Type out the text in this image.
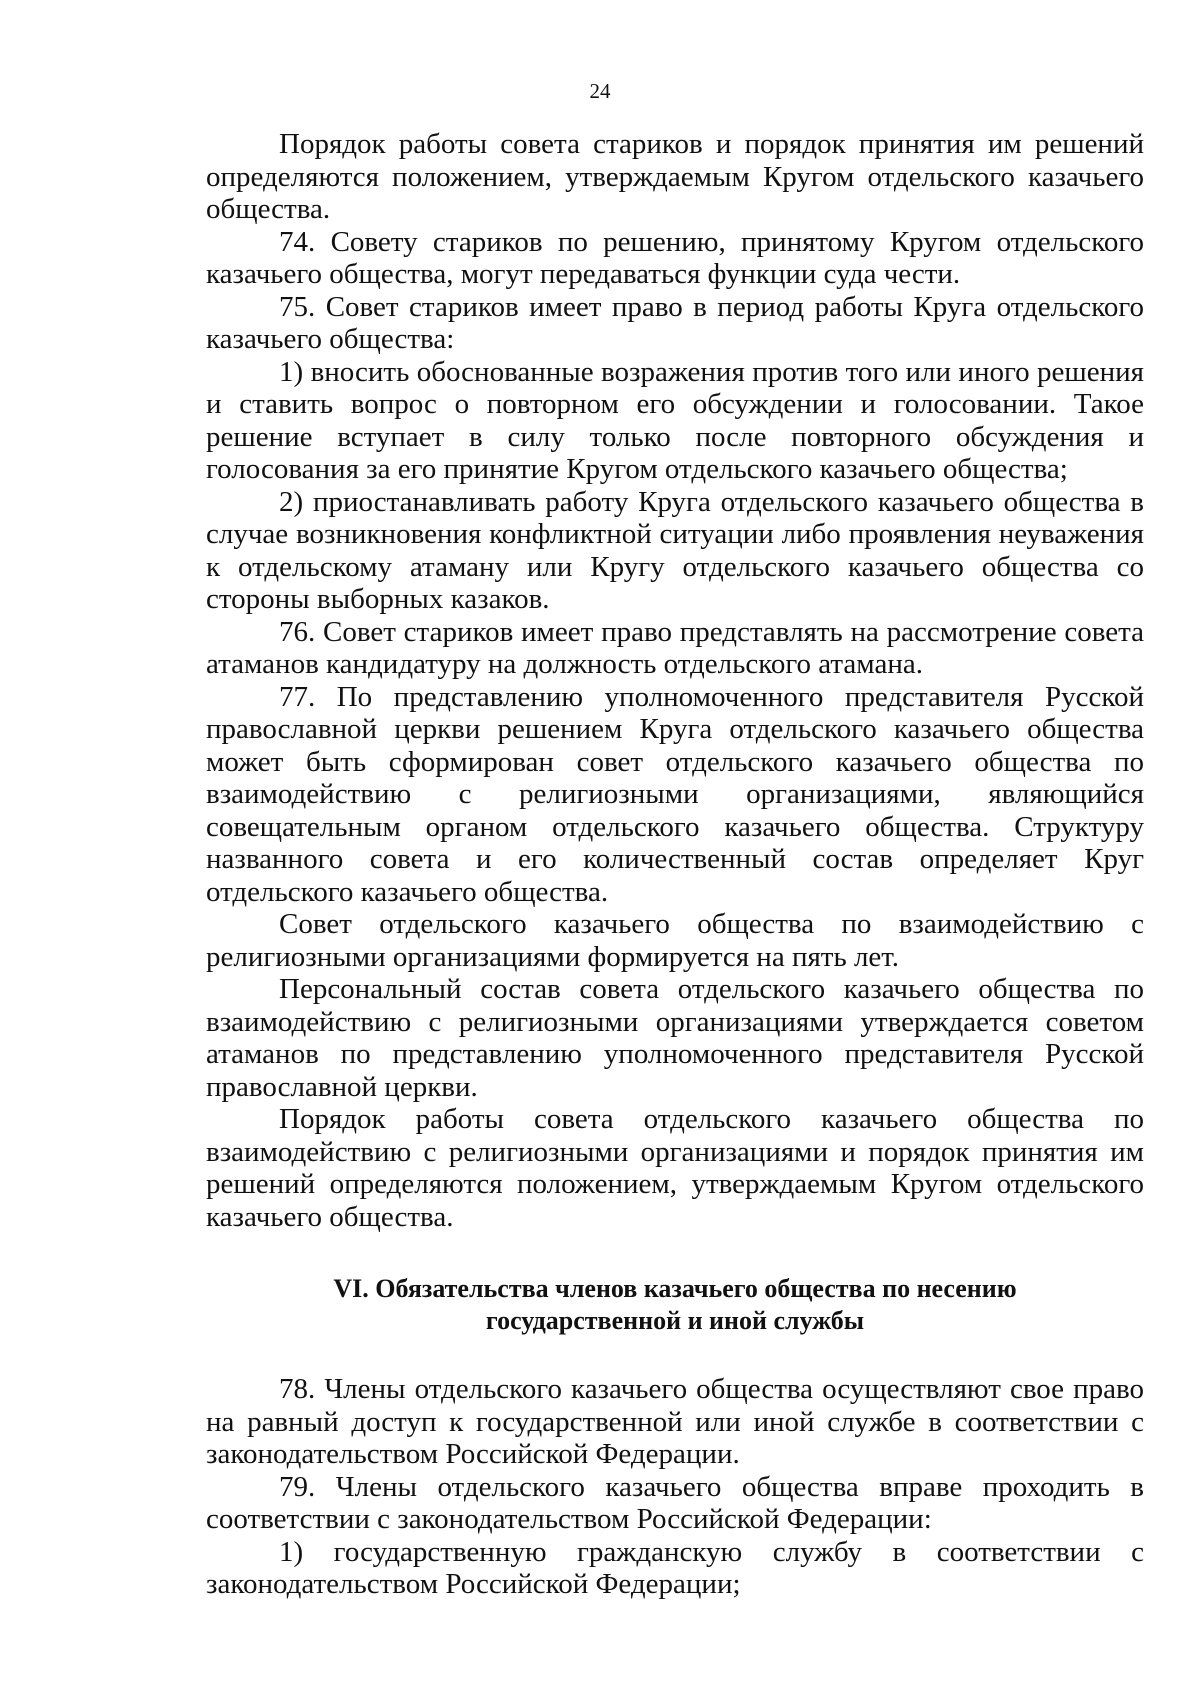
24

Порядок работы совета стариков и порядок принятия им решений определяются положением, утверждаемым Кругом отдельского казачьего общества.

74. Совету стариков по решению, принятому Кругом отдельского казачьего общества, могут передаваться функции суда чести.

75. Совет стариков имеет право в период работы Круга отдельского казачьего общества:

1) вносить обоснованные возражения против того или иного решения и ставить вопрос о повторном его обсуждении и голосовании. Такое решение вступает в силу только после повторного обсуждения и голосования за его принятие Кругом отдельского казачьего общества;

2) приостанавливать работу Круга отдельского казачьего общества в случае возникновения конфликтной ситуации либо проявления неуважения к отдельскому атаману или Кругу отдельского казачьего общества со стороны выборных казаков.

76. Совет стариков имеет право представлять на рассмотрение совета атаманов кандидатуру на должность отдельского атамана.

77. По представлению уполномоченного представителя Русской православной церкви решением Круга отдельского казачьего общества может быть сформирован совет отдельского казачьего общества по взаимодействию с религиозными организациями, являющийся совещательным органом отдельского казачьего общества. Структуру названного совета и его количественный состав определяет Круг отдельского казачьего общества.

Совет отдельского казачьего общества по взаимодействию с религиозными организациями формируется на пять лет.

Персональный состав совета отдельского казачьего общества по взаимодействию с религиозными организациями утверждается советом атаманов по представлению уполномоченного представителя Русской православной церкви.

Порядок работы совета отдельского казачьего общества по взаимодействию с религиозными организациями и порядок принятия им решений определяются положением, утверждаемым Кругом отдельского казачьего общества.

VI. Обязательства членов казачьего общества по несению
государственной и иной службы

78. Члены отдельского казачьего общества осуществляют свое право на равный доступ к государственной или иной службе в соответствии с законодательством Российской Федерации.

79. Члены отдельского казачьего общества вправе проходить в соответствии с законодательством Российской Федерации:

1) государственную гражданскую службу в соответствии с законодательством Российской Федерации;
